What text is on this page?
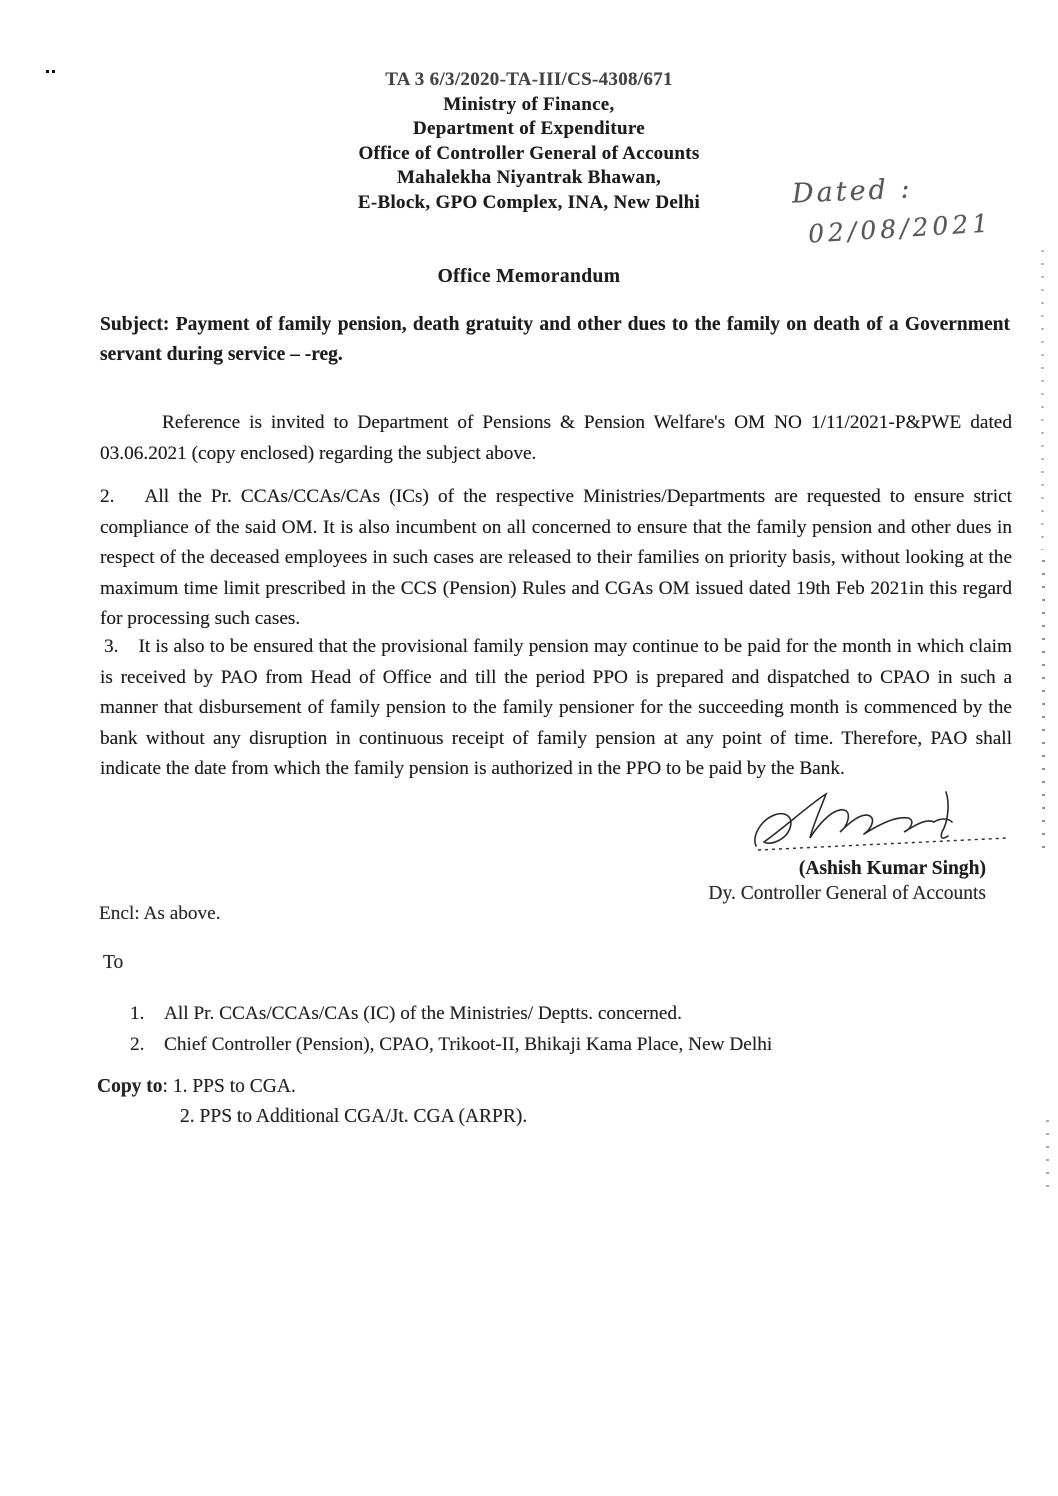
TA 3 6/3/2020-TA-III/CS-4308/671
Ministry of Finance,
Department of Expenditure
Office of Controller General of Accounts
Mahalekha Niyantrak Bhawan,
E-Block, GPO Complex, INA, New Delhi	Dated :
02/08/2021
Office Memorandum
Subject: Payment of family pension, death gratuity and other dues to the family on death of a Government servant during service – -reg.
Reference is invited to Department of Pensions & Pension Welfare's OM NO 1/11/2021-P&PWE dated 03.06.2021 (copy enclosed) regarding the subject above.
2. All the Pr. CCAs/CCAs/CAs (ICs) of the respective Ministries/Departments are requested to ensure strict compliance of the said OM. It is also incumbent on all concerned to ensure that the family pension and other dues in respect of the deceased employees in such cases are released to their families on priority basis, without looking at the maximum time limit prescribed in the CCS (Pension) Rules and CGAs OM issued dated 19th Feb 2021in this regard for processing such cases.
3. It is also to be ensured that the provisional family pension may continue to be paid for the month in which claim is received by PAO from Head of Office and till the period PPO is prepared and dispatched to CPAO in such a manner that disbursement of family pension to the family pensioner for the succeeding month is commenced by the bank without any disruption in continuous receipt of family pension at any point of time. Therefore, PAO shall indicate the date from which the family pension is authorized in the PPO to be paid by the Bank.
(Ashish Kumar Singh)
Dy. Controller General of Accounts
Encl: As above.
To
1.	All Pr. CCAs/CCAs/CAs (IC) of the Ministries/ Deptts. concerned.
2.	Chief Controller (Pension), CPAO, Trikoot-II, Bhikaji Kama Place, New Delhi
Copy to: 1. PPS to CGA.
2. PPS to Additional CGA/Jt. CGA (ARPR).
